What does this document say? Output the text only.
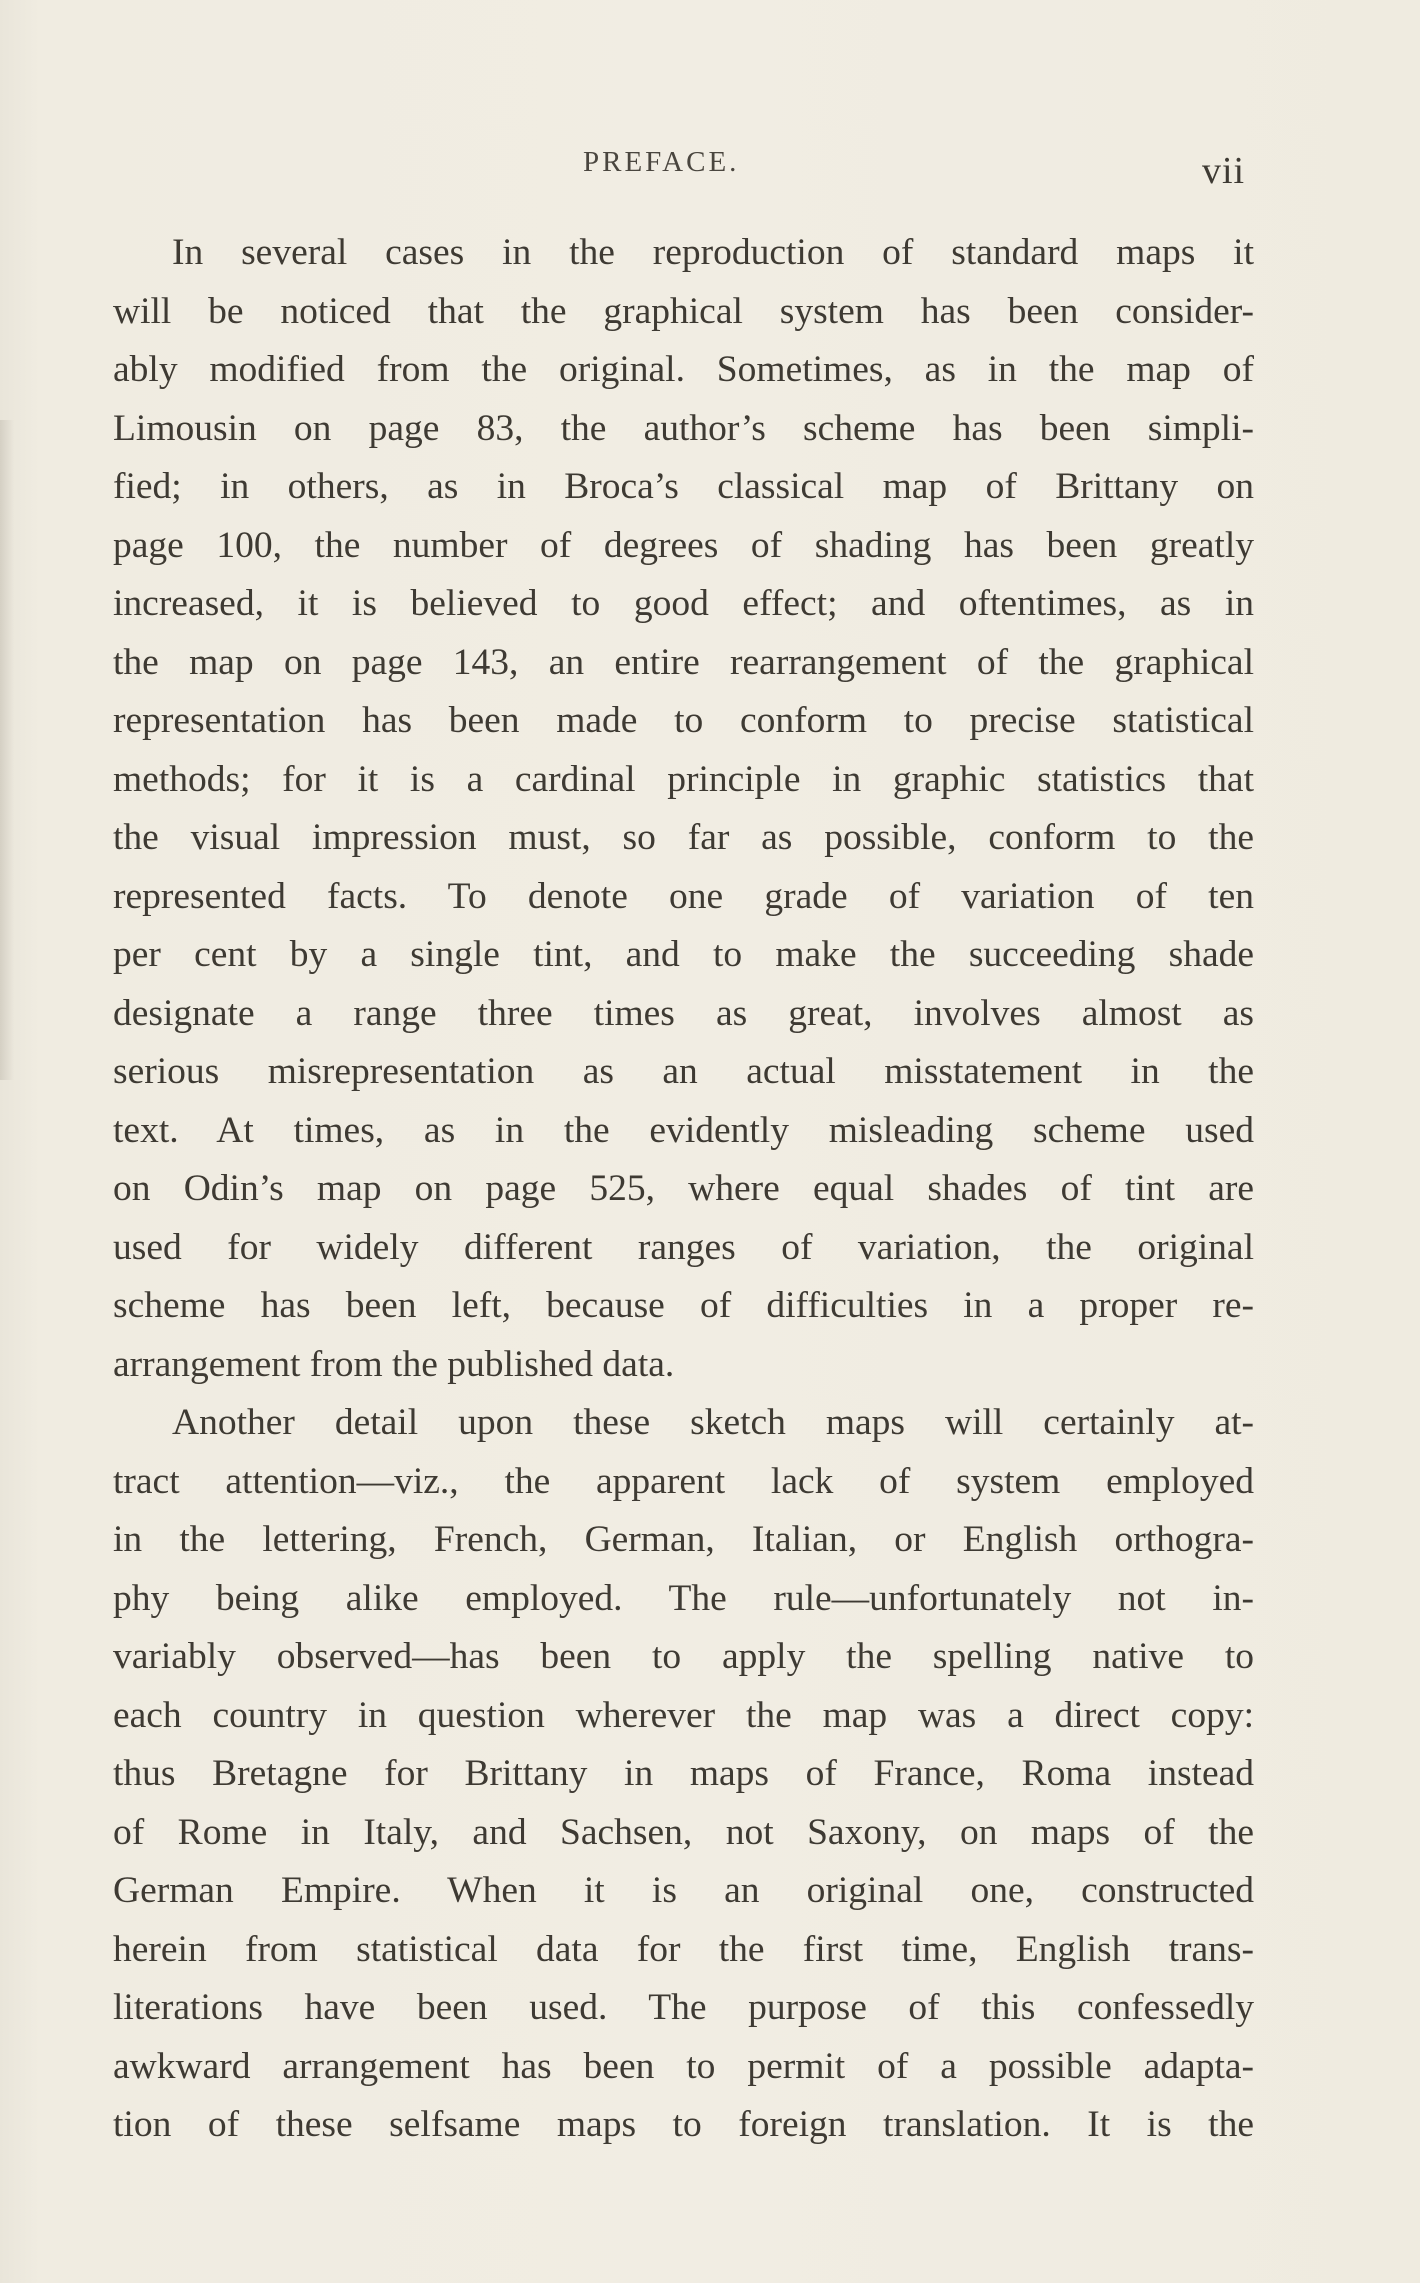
PREFACE.	vii
In several cases in the reproduction of standard maps it
will be noticed that the graphical system has been consider-
ably modified from the original. Sometimes, as in the map of
Limousin on page 83, the author’s scheme has been simpli-
fied; in others, as in Broca’s classical map of Brittany on
page 100, the number of degrees of shading has been greatly
increased, it is believed to good effect; and oftentimes, as in
the map on page 143, an entire rearrangement of the graphical
representation has been made to conform to precise statistical
methods; for it is a cardinal principle in graphic statistics that
the visual impression must, so far as possible, conform to the
represented facts. To denote one grade of variation of ten
per cent by a single tint, and to make the succeeding shade
designate a range three times as great, involves almost as
serious misrepresentation as an actual misstatement in the
text. At times, as in the evidently misleading scheme used
on Odin’s map on page 525, where equal shades of tint are
used for widely different ranges of variation, the original
scheme has been left, because of difficulties in a proper re-
arrangement from the published data.
Another detail upon these sketch maps will certainly at-
tract attention—viz., the apparent lack of system employed
in the lettering, French, German, Italian, or English orthogra-
phy being alike employed. The rule—unfortunately not in-
variably observed—has been to apply the spelling native to
each country in question wherever the map was a direct copy:
thus Bretagne for Brittany in maps of France, Roma instead
of Rome in Italy, and Sachsen, not Saxony, on maps of the
German Empire. When it is an original one, constructed
herein from statistical data for the first time, English trans-
literations have been used. The purpose of this confessedly
awkward arrangement has been to permit of a possible adapta-
tion of these selfsame maps to foreign translation. It is the
